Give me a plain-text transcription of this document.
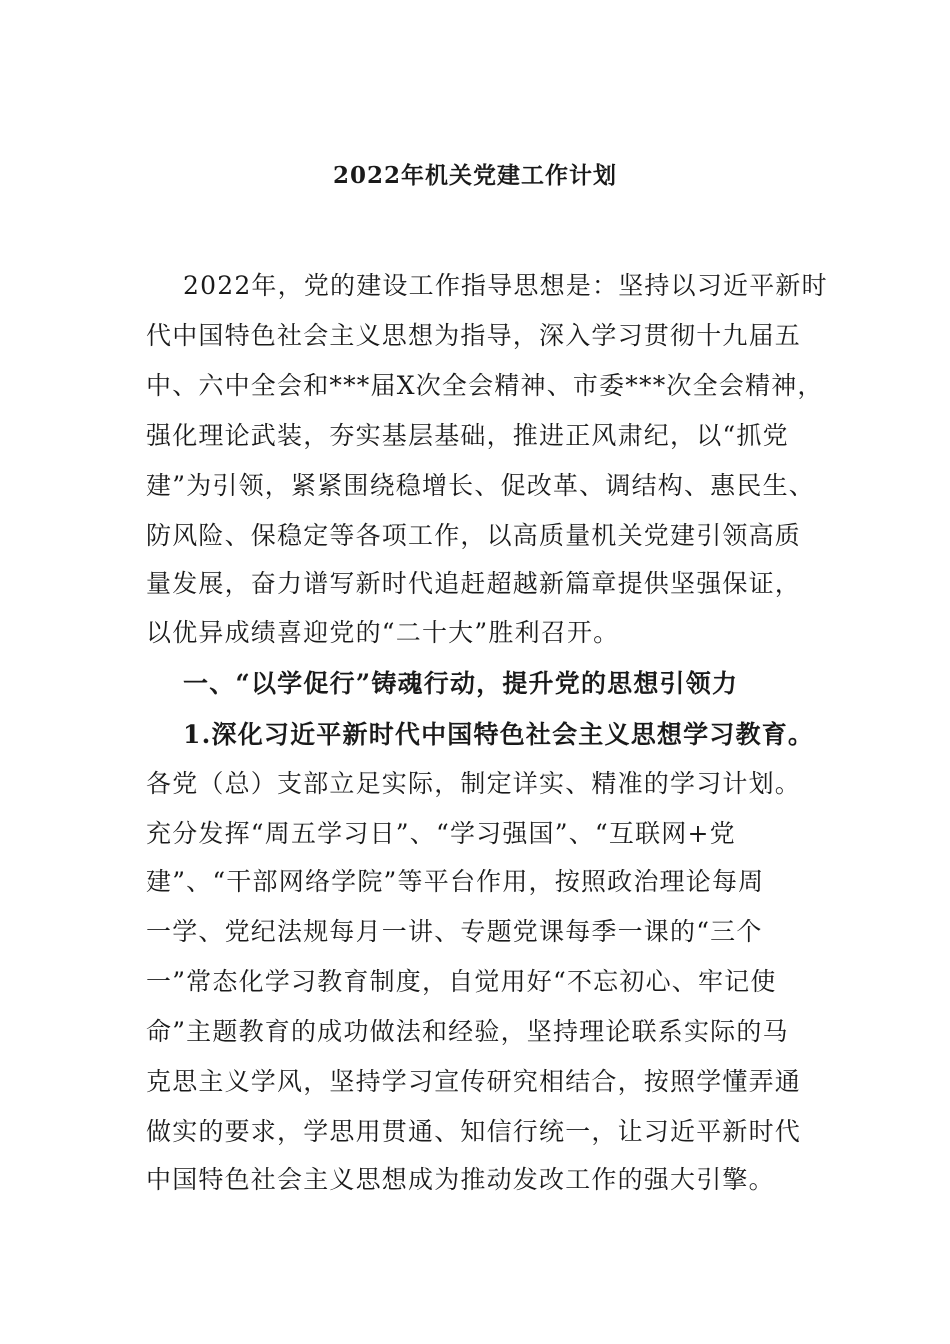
2022年机关党建工作计划
2022年，党的建设工作指导思想是：坚持以习近平新时
代中国特色社会主义思想为指导，深入学习贯彻十九届五
中、六中全会和***届X次全会精神、市委***次全会精神，
强化理论武装，夯实基层基础，推进正风肃纪，以“抓党
建”为引领，紧紧围绕稳增长、促改革、调结构、惠民生、
防风险、保稳定等各项工作，以高质量机关党建引领高质
量发展，奋力谱写新时代追赶超越新篇章提供坚强保证，
以优异成绩喜迎党的“二十大”胜利召开。
一、“以学促行”铸魂行动，提升党的思想引领力
1.深化习近平新时代中国特色社会主义思想学习教育。
各党（总）支部立足实际，制定详实、精准的学习计划。
充分发挥“周五学习日”、“学习强国”、“互联网+党
建”、“干部网络学院”等平台作用，按照政治理论每周
一学、党纪法规每月一讲、专题党课每季一课的“三个
一”常态化学习教育制度，自觉用好“不忘初心、牢记使
命”主题教育的成功做法和经验，坚持理论联系实际的马
克思主义学风，坚持学习宣传研究相结合，按照学懂弄通
做实的要求，学思用贯通、知信行统一，让习近平新时代
中国特色社会主义思想成为推动发改工作的强大引擎。
